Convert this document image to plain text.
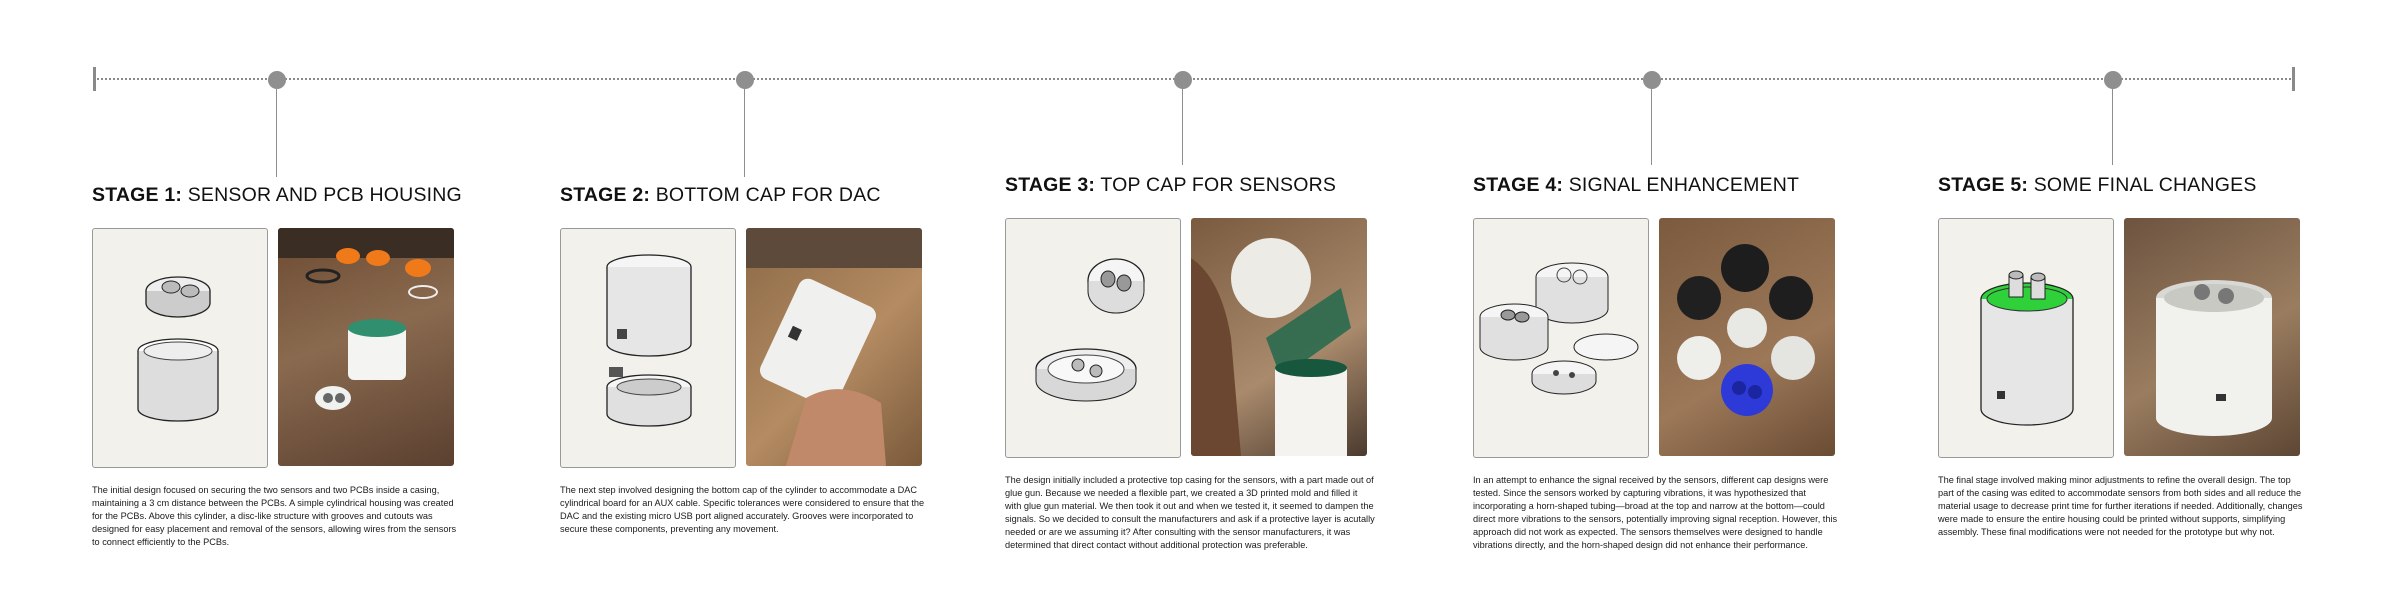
STAGE 1: SENSOR AND PCB HOUSING
The initial design focused on securing the two sensors and two PCBs inside a casing, maintaining a 3 cm distance between the PCBs. A simple cylindrical housing was created for the PCBs. Above this cylinder, a disc-like structure with grooves and cutouts was designed for easy placement and removal of the sensors, allowing wires from the sensors to connect efficiently to the PCBs.
STAGE 2: BOTTOM CAP FOR DAC
The next step involved designing the bottom cap of the cylinder to accommodate a DAC cylindrical board for an AUX cable. Specific tolerances were considered to ensure that the DAC and the existing micro USB port aligned accurately. Grooves were incorporated to secure these components, preventing any movement.
STAGE 3: TOP CAP FOR SENSORS
The design initially included a protective top casing for the sensors, with a part made out of glue gun. Because we needed a flexible part, we created a 3D printed mold and filled it with glue gun material. We then took it out and when we tested it, it seemed to dampen the signals. So we decided to consult the manufacturers and ask if a protective layer is acutally needed or are we assuming it? After consulting with the sensor manufacturers, it was determined that direct contact without additional protection was preferable.
STAGE 4: SIGNAL ENHANCEMENT
In an attempt to enhance the signal received by the sensors, different cap designs were tested. Since the sensors worked by capturing vibrations, it was hypothesized that incorporating a horn-shaped tubing—broad at the top and narrow at the bottom—could direct more vibrations to the sensors, potentially improving signal reception. However, this approach did not work as expected. The sensors themselves were designed to handle vibrations directly, and the horn-shaped design did not enhance their performance.
STAGE 5: SOME FINAL CHANGES
The final stage involved making minor adjustments to refine the overall design. The top part of the casing was edited to accommodate sensors from both sides and all reduce the material usage to decrease print time for further iterations if needed. Additionally, changes were made to ensure the entire housing could be printed without supports, simplifying assembly. These final modifications were not needed for the prototype but why not.
